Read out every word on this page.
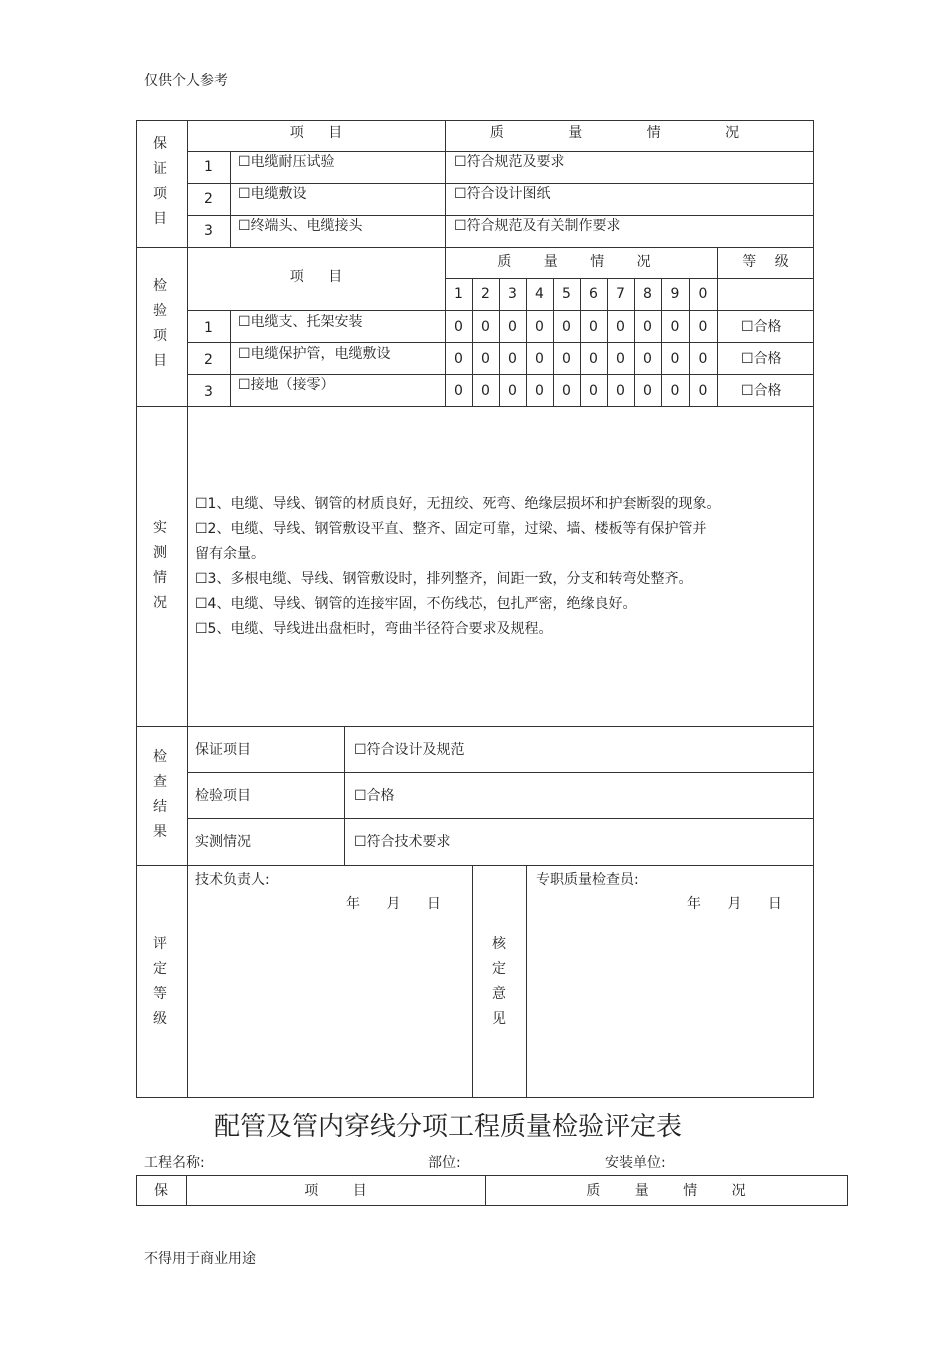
仅供个人参考
不得用于商业用途
保证项目
项 目	质 量 情 况
1	☐电缆耐压试验	☐符合规范及要求
2	☐电缆敷设	☐符合设计图纸
3	☐终端头、电缆接头	☐符合规范及有关制作要求
检验项目
项 目
质 量 情 况	等 级
1	2	3	4	5	6	7	8	9	0
1	☐电缆支、托架安装	0	0	0	0	0	0	0	0	0	0	☐合格
2	☐电缆保护管，电缆敷设	0	0	0	0	0	0	0	0	0	0	☐合格
3	☐接地（接零）	0	0	0	0	0	0	0	0	0	0	☐合格
实测情况
☐1、电缆、导线、钢管的材质良好，无扭绞、死弯、绝缘层损坏和护套断裂的现象。
☐2、电缆、导线、钢管敷设平直、整齐、固定可靠，过梁、墙、楼板等有保护管并
留有余量。
☐3、多根电缆、导线、钢管敷设时，排列整齐，间距一致，分支和转弯处整齐。
☐4、电缆、导线、钢管的连接牢固，不伤线芯，包扎严密，绝缘良好。
☐5、电缆、导线进出盘柜时，弯曲半径符合要求及规程。
检查结果
保证项目	☐符合设计及规范
检验项目	☐合格
实测情况	☐符合技术要求
评定等级
技术负责人:
年 月 日
核定意见
专职质量检查员:
年 月 日
配管及管内穿线分项工程质量检验评定表
工程名称:	部位:	安装单位:
保	项 目	质 量 情 况
